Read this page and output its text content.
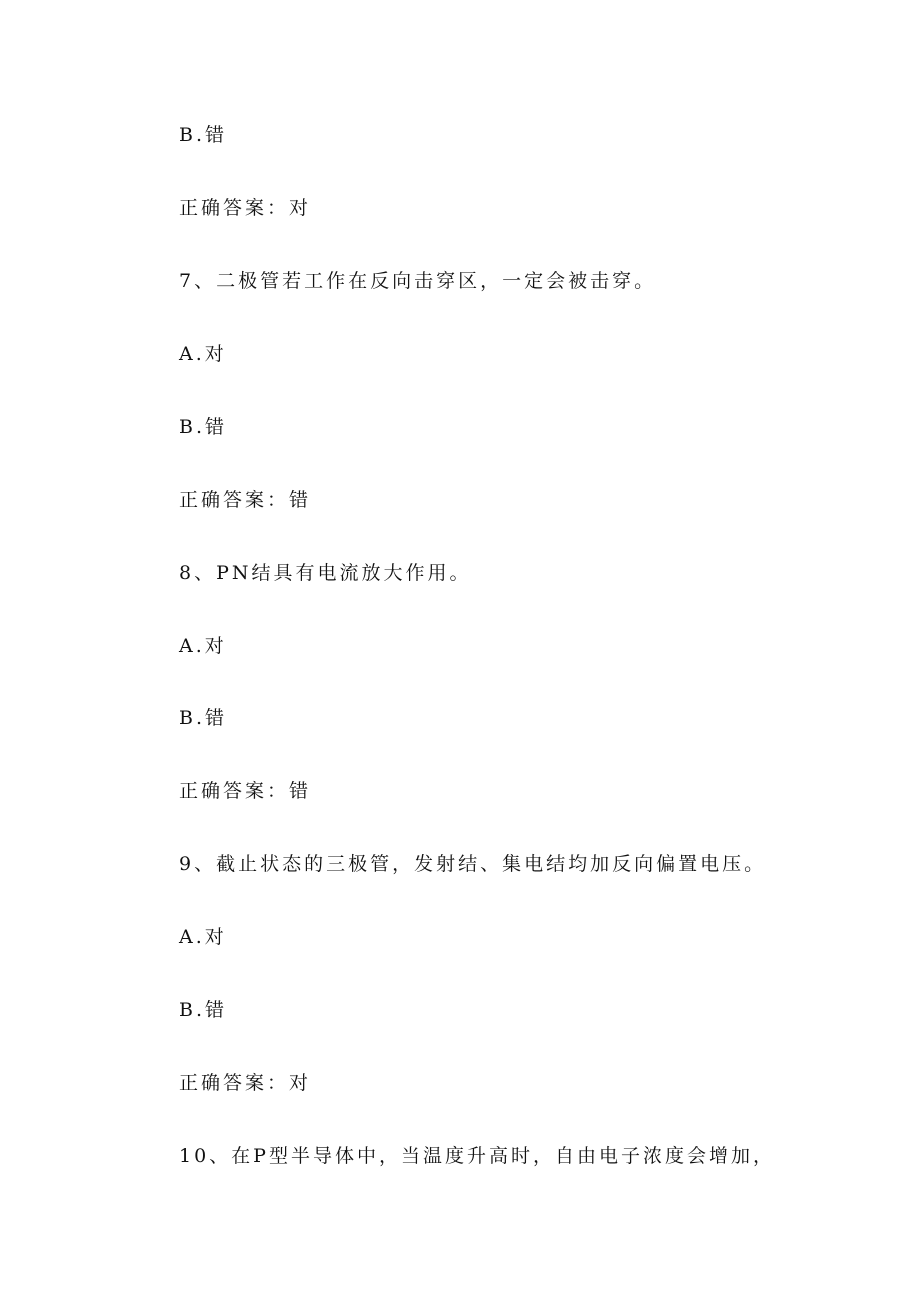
B.错
正确答案：对
7、二极管若工作在反向击穿区，一定会被击穿。
A.对
B.错
正确答案：错
8、PN结具有电流放大作用。
A.对
B.错
正确答案：错
9、截止状态的三极管，发射结、集电结均加反向偏置电压。
A.对
B.错
正确答案：对
10、在P型半导体中，当温度升高时，自由电子浓度会增加，
